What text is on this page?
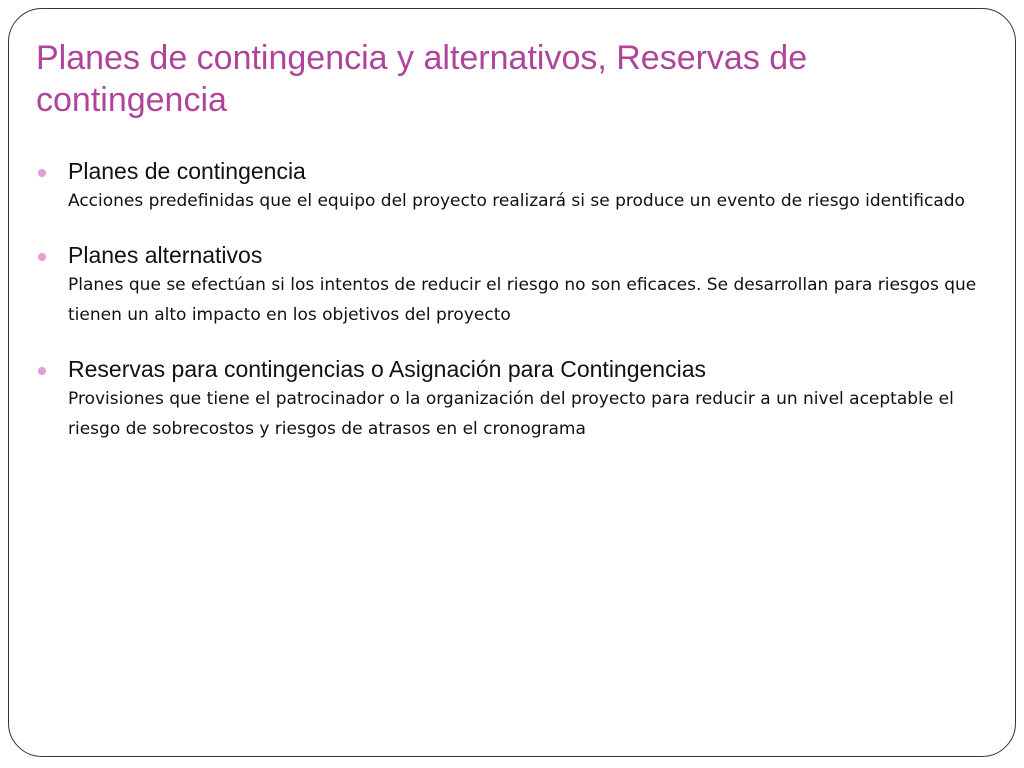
Planes de contingencia y alternativos, Reservas de contingencia
Planes de contingencia
Acciones predefinidas que el equipo del proyecto realizará si se produce un evento de riesgo identificado
Planes alternativos
Planes que se efectúan si los intentos de reducir el riesgo no son eficaces. Se desarrollan para riesgos que tienen un alto impacto en los objetivos del proyecto
Reservas para contingencias o Asignación para Contingencias
Provisiones que tiene el patrocinador o la organización del proyecto para reducir a un nivel aceptable el riesgo de sobrecostos y riesgos de atrasos en el cronograma
